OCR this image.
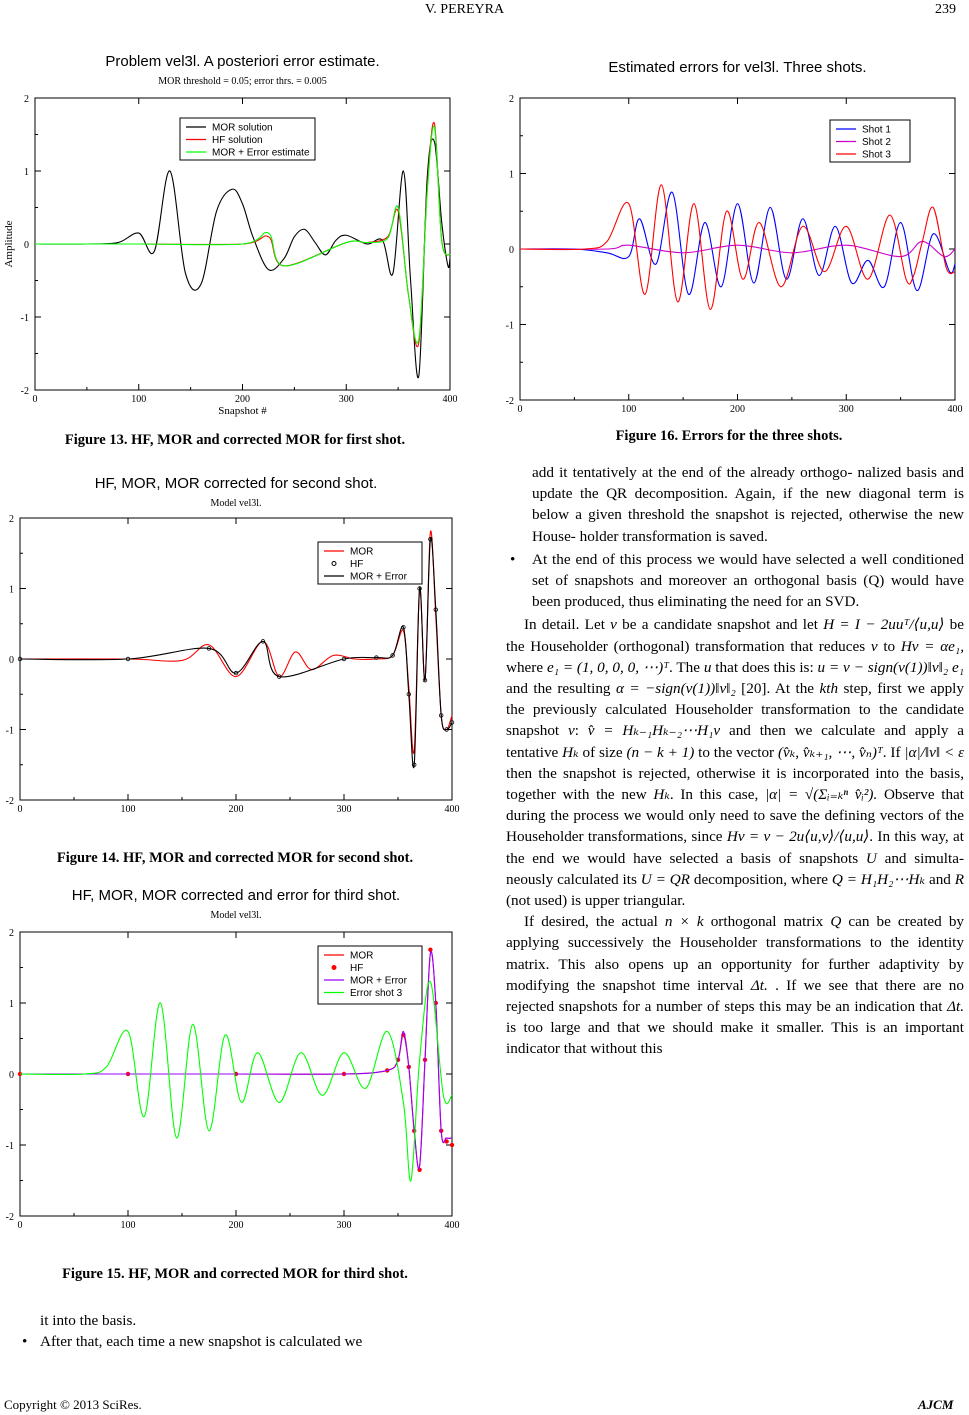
V. PEREYRA	239
Problem vel3l. A posteriori error estimate.
MOR threshold = 0.05; error thrs. = 0.005
0	100	200	300	400
-2
-1
0
1
2
Snapshot #
Amplitude
MOR solution
HF solution
MOR + Error estimate
Figure 13. HF, MOR and corrected MOR for first shot.
HF, MOR, MOR corrected for second shot.
Model vel3l.
0	100	200	300	400
-2
-1
0
1
2
MOR
HF
MOR + Error
Figure 14. HF, MOR and corrected MOR for second shot.
HF, MOR, MOR corrected and error for third shot.
Model vel3l.
0	100	200	300	400
-2
-1
0
1
2
MOR
HF
MOR + Error
Error shot 3
Figure 15. HF, MOR and corrected MOR for third shot.
Estimated errors for vel3l. Three shots.
0	100	200	300	400
-2
-1
0
1
2
Shot 1
Shot 2
Shot 3
Figure 16. Errors for the three shots.

it into the basis.

• After that, each time a new snapshot is calculated we
add it tentatively at the end of the already orthogo- nalized basis and update the QR decomposition. Again, if the new diagonal term is below a given threshold the snapshot is rejected, otherwise the new House- holder transformation is saved.
• At the end of this process we would have selected a well conditioned set of snapshots and moreover an orthogonal basis (Q) would have been produced, thus eliminating the need for an SVD.

In detail. Let v be a candidate snapshot and let H = I − 2uuᵀ/⟨u,u⟩ be the Householder (orthogonal) transformation that reduces v to Hv = αe₁, where e₁ = (1, 0, 0, 0, ⋯)ᵀ. The u that does this is: u = v − sign(v(1))‖v‖₂ e₁ and the resulting α = −sign(v(1))‖v‖₂ [20]. At the kth step, first we apply the previously calculated Householder transformation to the candidate snapshot v: v̂ = Hₖ₋₁Hₖ₋₂⋯H₁v and then we calculate and apply a tentative Hₖ of size (n − k + 1) to the vector (v̂ₖ, v̂ₖ₊₁, ⋯, v̂ₙ)ᵀ. If |α|/‖v‖ < ε then the snapshot is rejected, otherwise it is incorporated into the basis, together with the new Hₖ. In this case, |α| = √(Σᵢ₌ₖⁿ v̂ᵢ²). Observe that during the process we would only need to save the defining vectors of the Householder transformations, since Hv = v − 2u⟨u,v⟩/⟨u,u⟩. In this way, at the end we would have selected a basis of snapshots U and simulta- neously calculated its U = QR decomposition, where Q = H₁H₂⋯Hₖ and R (not used) is upper triangular.

If desired, the actual n × k orthogonal matrix Q can be created by applying successively the Householder transformations to the identity matrix. This also opens up an opportunity for further adaptivity by modifying the snapshot time interval Δt. . If we see that there are no rejected snapshots for a number of steps this may be an indication that Δt. is too large and that we should make it smaller. This is an important indicator that without this

Copyright © 2013 SciRes.	AJCM
